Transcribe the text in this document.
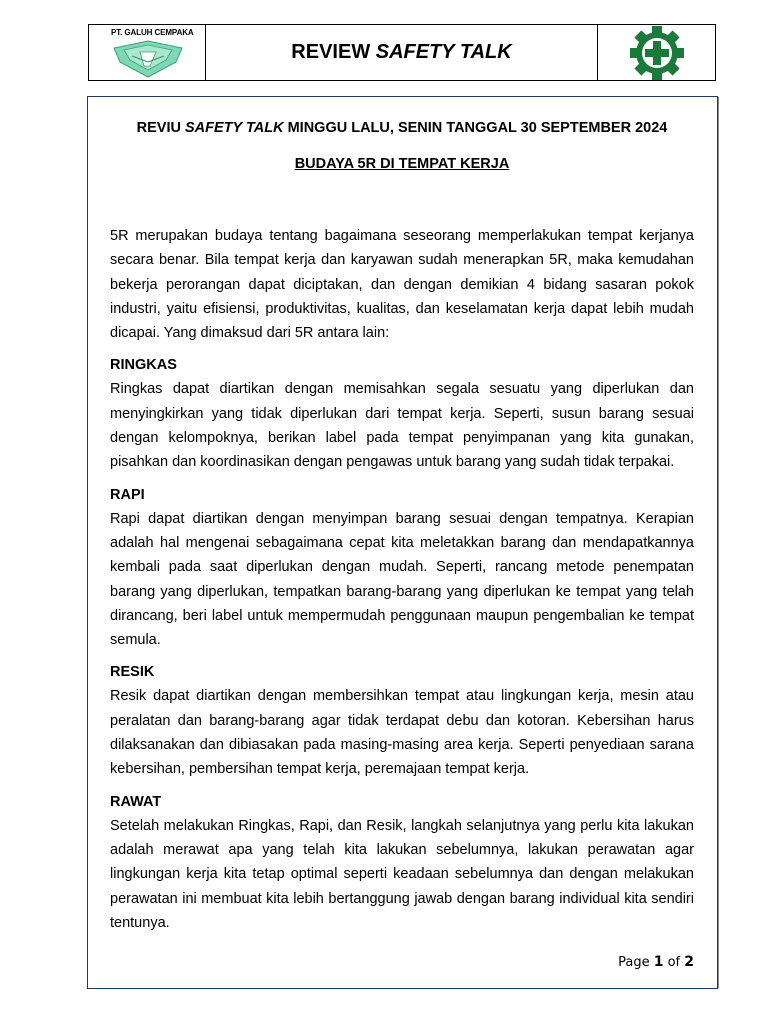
PT. GALUH CEMPAKA
REVIEW SAFETY TALK
REVIU SAFETY TALK MINGGU LALU, SENIN TANGGAL 30 SEPTEMBER 2024
BUDAYA 5R DI TEMPAT KERJA

5R merupakan budaya tentang bagaimana seseorang memperlakukan tempat kerjanya secara benar. Bila tempat kerja dan karyawan sudah menerapkan 5R, maka kemudahan bekerja perorangan dapat diciptakan, dan dengan demikian 4 bidang sasaran pokok industri, yaitu efisiensi, produktivitas, kualitas, dan keselamatan kerja dapat lebih mudah dicapai. Yang dimaksud dari 5R antara lain:

RINGKAS

Ringkas dapat diartikan dengan memisahkan segala sesuatu yang diperlukan dan menyingkirkan yang tidak diperlukan dari tempat kerja. Seperti, susun barang sesuai dengan kelompoknya, berikan label pada tempat penyimpanan yang kita gunakan, pisahkan dan koordinasikan dengan pengawas untuk barang yang sudah tidak terpakai.

RAPI

Rapi dapat diartikan dengan menyimpan barang sesuai dengan tempatnya. Kerapian adalah hal mengenai sebagaimana cepat kita meletakkan barang dan mendapatkannya kembali pada saat diperlukan dengan mudah. Seperti, rancang metode penempatan barang yang diperlukan, tempatkan barang-barang yang diperlukan ke tempat yang telah dirancang, beri label untuk mempermudah penggunaan maupun pengembalian ke tempat semula.

RESIK

Resik dapat diartikan dengan membersihkan tempat atau lingkungan kerja, mesin atau peralatan dan barang-barang agar tidak terdapat debu dan kotoran. Kebersihan harus dilaksanakan dan dibiasakan pada masing-masing area kerja. Seperti penyediaan sarana kebersihan, pembersihan tempat kerja, peremajaan tempat kerja.

RAWAT

Setelah melakukan Ringkas, Rapi, dan Resik, langkah selanjutnya yang perlu kita lakukan adalah merawat apa yang telah kita lakukan sebelumnya, lakukan perawatan agar lingkungan kerja kita tetap optimal seperti keadaan sebelumnya dan dengan melakukan perawatan ini membuat kita lebih bertanggung jawab dengan barang individual kita sendiri tentunya.

Page 1 of 2
